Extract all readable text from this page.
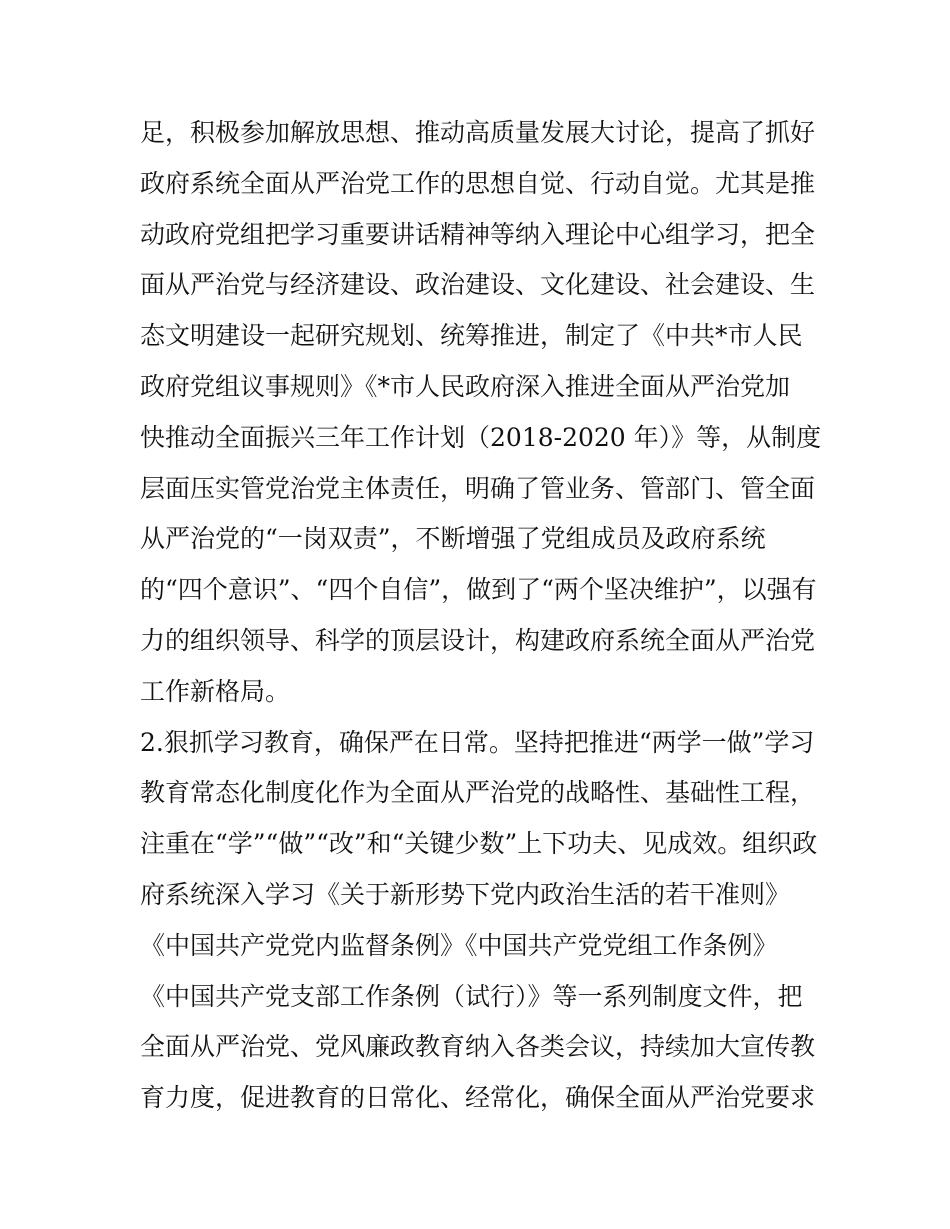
足，积极参加解放思想、推动高质量发展大讨论，提高了抓好
政府系统全面从严治党工作的思想自觉、行动自觉。尤其是推
动政府党组把学习重要讲话精神等纳入理论中心组学习，把全
面从严治党与经济建设、政治建设、文化建设、社会建设、生
态文明建设一起研究规划、统筹推进，制定了《中共*市人民
政府党组议事规则》《*市人民政府深入推进全面从严治党加
快推动全面振兴三年工作计划（2018-2020 年）》等，从制度
层面压实管党治党主体责任，明确了管业务、管部门、管全面
从严治党的“一岗双责”，不断增强了党组成员及政府系统
的“四个意识”、“四个自信”，做到了“两个坚决维护”，以强有
力的组织领导、科学的顶层设计，构建政府系统全面从严治党
工作新格局。
2.狠抓学习教育，确保严在日常。坚持把推进“两学一做”学习
教育常态化制度化作为全面从严治党的战略性、基础性工程，
注重在“学”“做”“改”和“关键少数”上下功夫、见成效。组织政
府系统深入学习《关于新形势下党内政治生活的若干准则》
《中国共产党党内监督条例》《中国共产党党组工作条例》
《中国共产党支部工作条例（试行）》等一系列制度文件，把
全面从严治党、党风廉政教育纳入各类会议，持续加大宣传教
育力度，促进教育的日常化、经常化，确保全面从严治党要求
